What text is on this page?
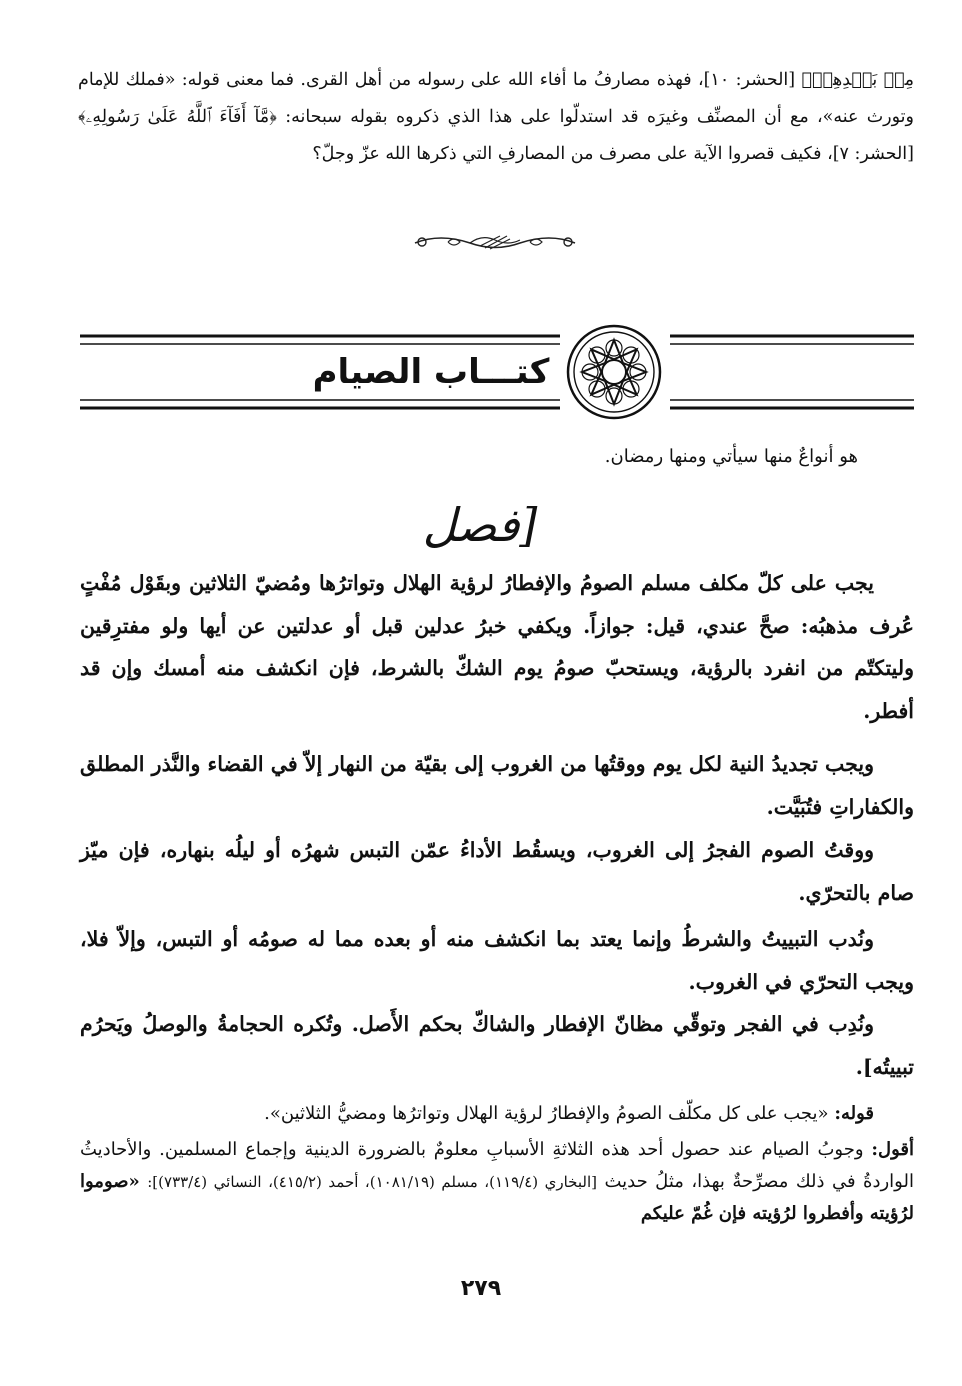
مِنۢ بَعۡدِهِمۡ﴾ [الحشر: ١٠]، فهذه مصارفُ ما أفاء الله على رسوله من أهل القرى. فما معنى قوله: «فملك للإمام وتورث عنه»، مع أن المصنِّف وغيرَه قد استدلّوا على هذا الذي ذكروه بقوله سبحانه: ﴿مَّآ أَفَآءَ ٱللَّهُ عَلَىٰ رَسُولِهِۦ﴾ [الحشر: ٧]، فكيف قصروا الآية على مصرف من المصارفِ التي ذكرها الله عزّ وجلّ؟

كتـــاب الصيام

هو أنواعٌ منها سيأتي ومنها رمضان.

[فصل

يجب على كلّ مكلف مسلم الصومُ والإفطارُ لرؤية الهلال وتواترُها ومُضيّ الثلاثين وبقَوْل مُفْتٍ عُرف مذهبُه: صحَّ عندي، قيل: جوازاً. ويكفي خبرُ عدلين قبل أو عدلتين عن أيها ولو مفترِقين وليتكتّم من انفرد بالرؤية، ويستحبّ صومُ يوم الشكّ بالشرط، فإن انكشف منه أمسك وإن قد أفطر.

ويجب تجديدُ النية لكل يوم ووقتُها من الغروب إلى بقيّة من النهار إلاّ في القضاء والنَّذر المطلق والكفاراتِ فتُبَيَّت.

ووقتُ الصوم الفجرُ إلى الغروب، ويسقُط الأداءُ عمّن التبس شهرُه أو ليلُه بنهاره، فإن ميّز صام بالتحرّي.

ونُدب التبييتُ والشرطُ وإنما يعتد بما انكشف منه أو بعده مما له صومُه أو التبس، وإلاّ فلا، ويجب التحرّي في الغروب.

ونُدِب في الفجر وتوقّي مظانّ الإفطار والشاكّ بحكم الأَصل. وتُكره الحجامةُ والوصلُ ويَحرُم تبييتُه].

قوله: «يجب على كل مكلّف الصومُ والإفطارُ لرؤية الهلال وتواترُها ومضيُّ الثلاثين».

أقول: وجوبُ الصيام عند حصول أحد هذه الثلاثةِ الأسبابِ معلومٌ بالضرورة الدينية وإجماع المسلمين. والأحاديثُ الواردةُ في ذلك مصرِّحةٌ بهذا، مثلُ حديث [البخاري (١١٩/٤)، مسلم (١٠٨١/١٩)، أحمد (٤١٥/٢)، النسائي (٧٣٣/٤)]: «صوموا لرُؤيته وأفطروا لرُؤيته فإن غُمّ عليكم

٢٧٩
